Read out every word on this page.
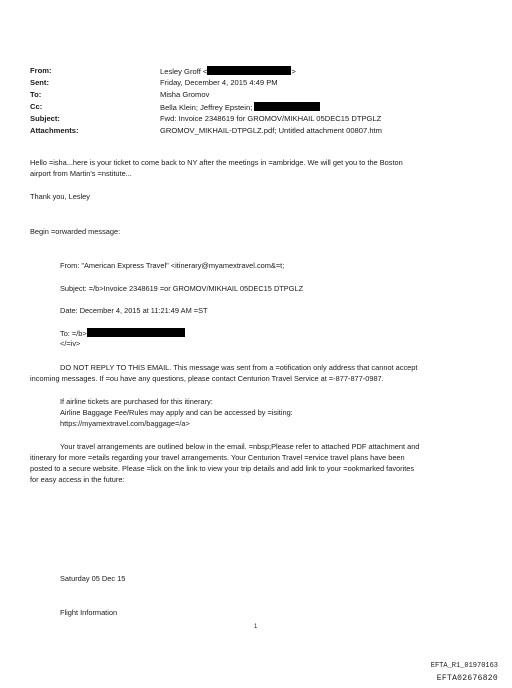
From:	Lesley Groff <	>
Sent:	Friday, December 4, 2015 4:49 PM
To:	Misha Gromov
Cc:	Bella Klein; Jeffrey Epstein;
Subject:	Fwd: Invoice 2348619 for GROMOV/MIKHAIL 05DEC15 DTPGLZ
Attachments:	GROMOV_MIKHAIL-DTPGLZ.pdf; Untitled attachment 00807.htm
Hello =isha...here is your ticket to come back to NY after the meetings in =ambridge. We will get you to the Boston
airport from Martin's =nstitute...
Thank you, Lesley
Begin =orwarded message:
From: "American Express Travel" <itinerary@myamextravel.com&=t;
Subject: =/b>Invoice 2348619 =or GROMOV/MIKHAIL 05DEC15 DTPGLZ
Date: December 4, 2015 at 11:21:49 AM =ST
To: =/b>
</=iv>
DO NOT REPLY TO THIS EMAIL. This message was sent from a =otification only address that cannot accept
incoming messages. If =ou have any questions, please contact Centurion Travel Service at =-877-877-0987.
If airline tickets are purchased for this itinerary:
Airline Baggage Fee/Rules may apply and can be accessed by =isiting:
https://myamextravel.com/baggage=/a>
Your travel arrangements are outlined below in the email. =nbsp;Please refer to attached PDF attachment and
itinerary for more =etails regarding your travel arrangements. Your Centurion Travel =ervice travel plans have been
posted to a secure website. Please =lick on the link to view your trip details and add link to your =ookmarked favorites
for easy access in the future:
Saturday 05 Dec 15
Flight Information
1
EFTA_R1_01970163
EFTA02676820
